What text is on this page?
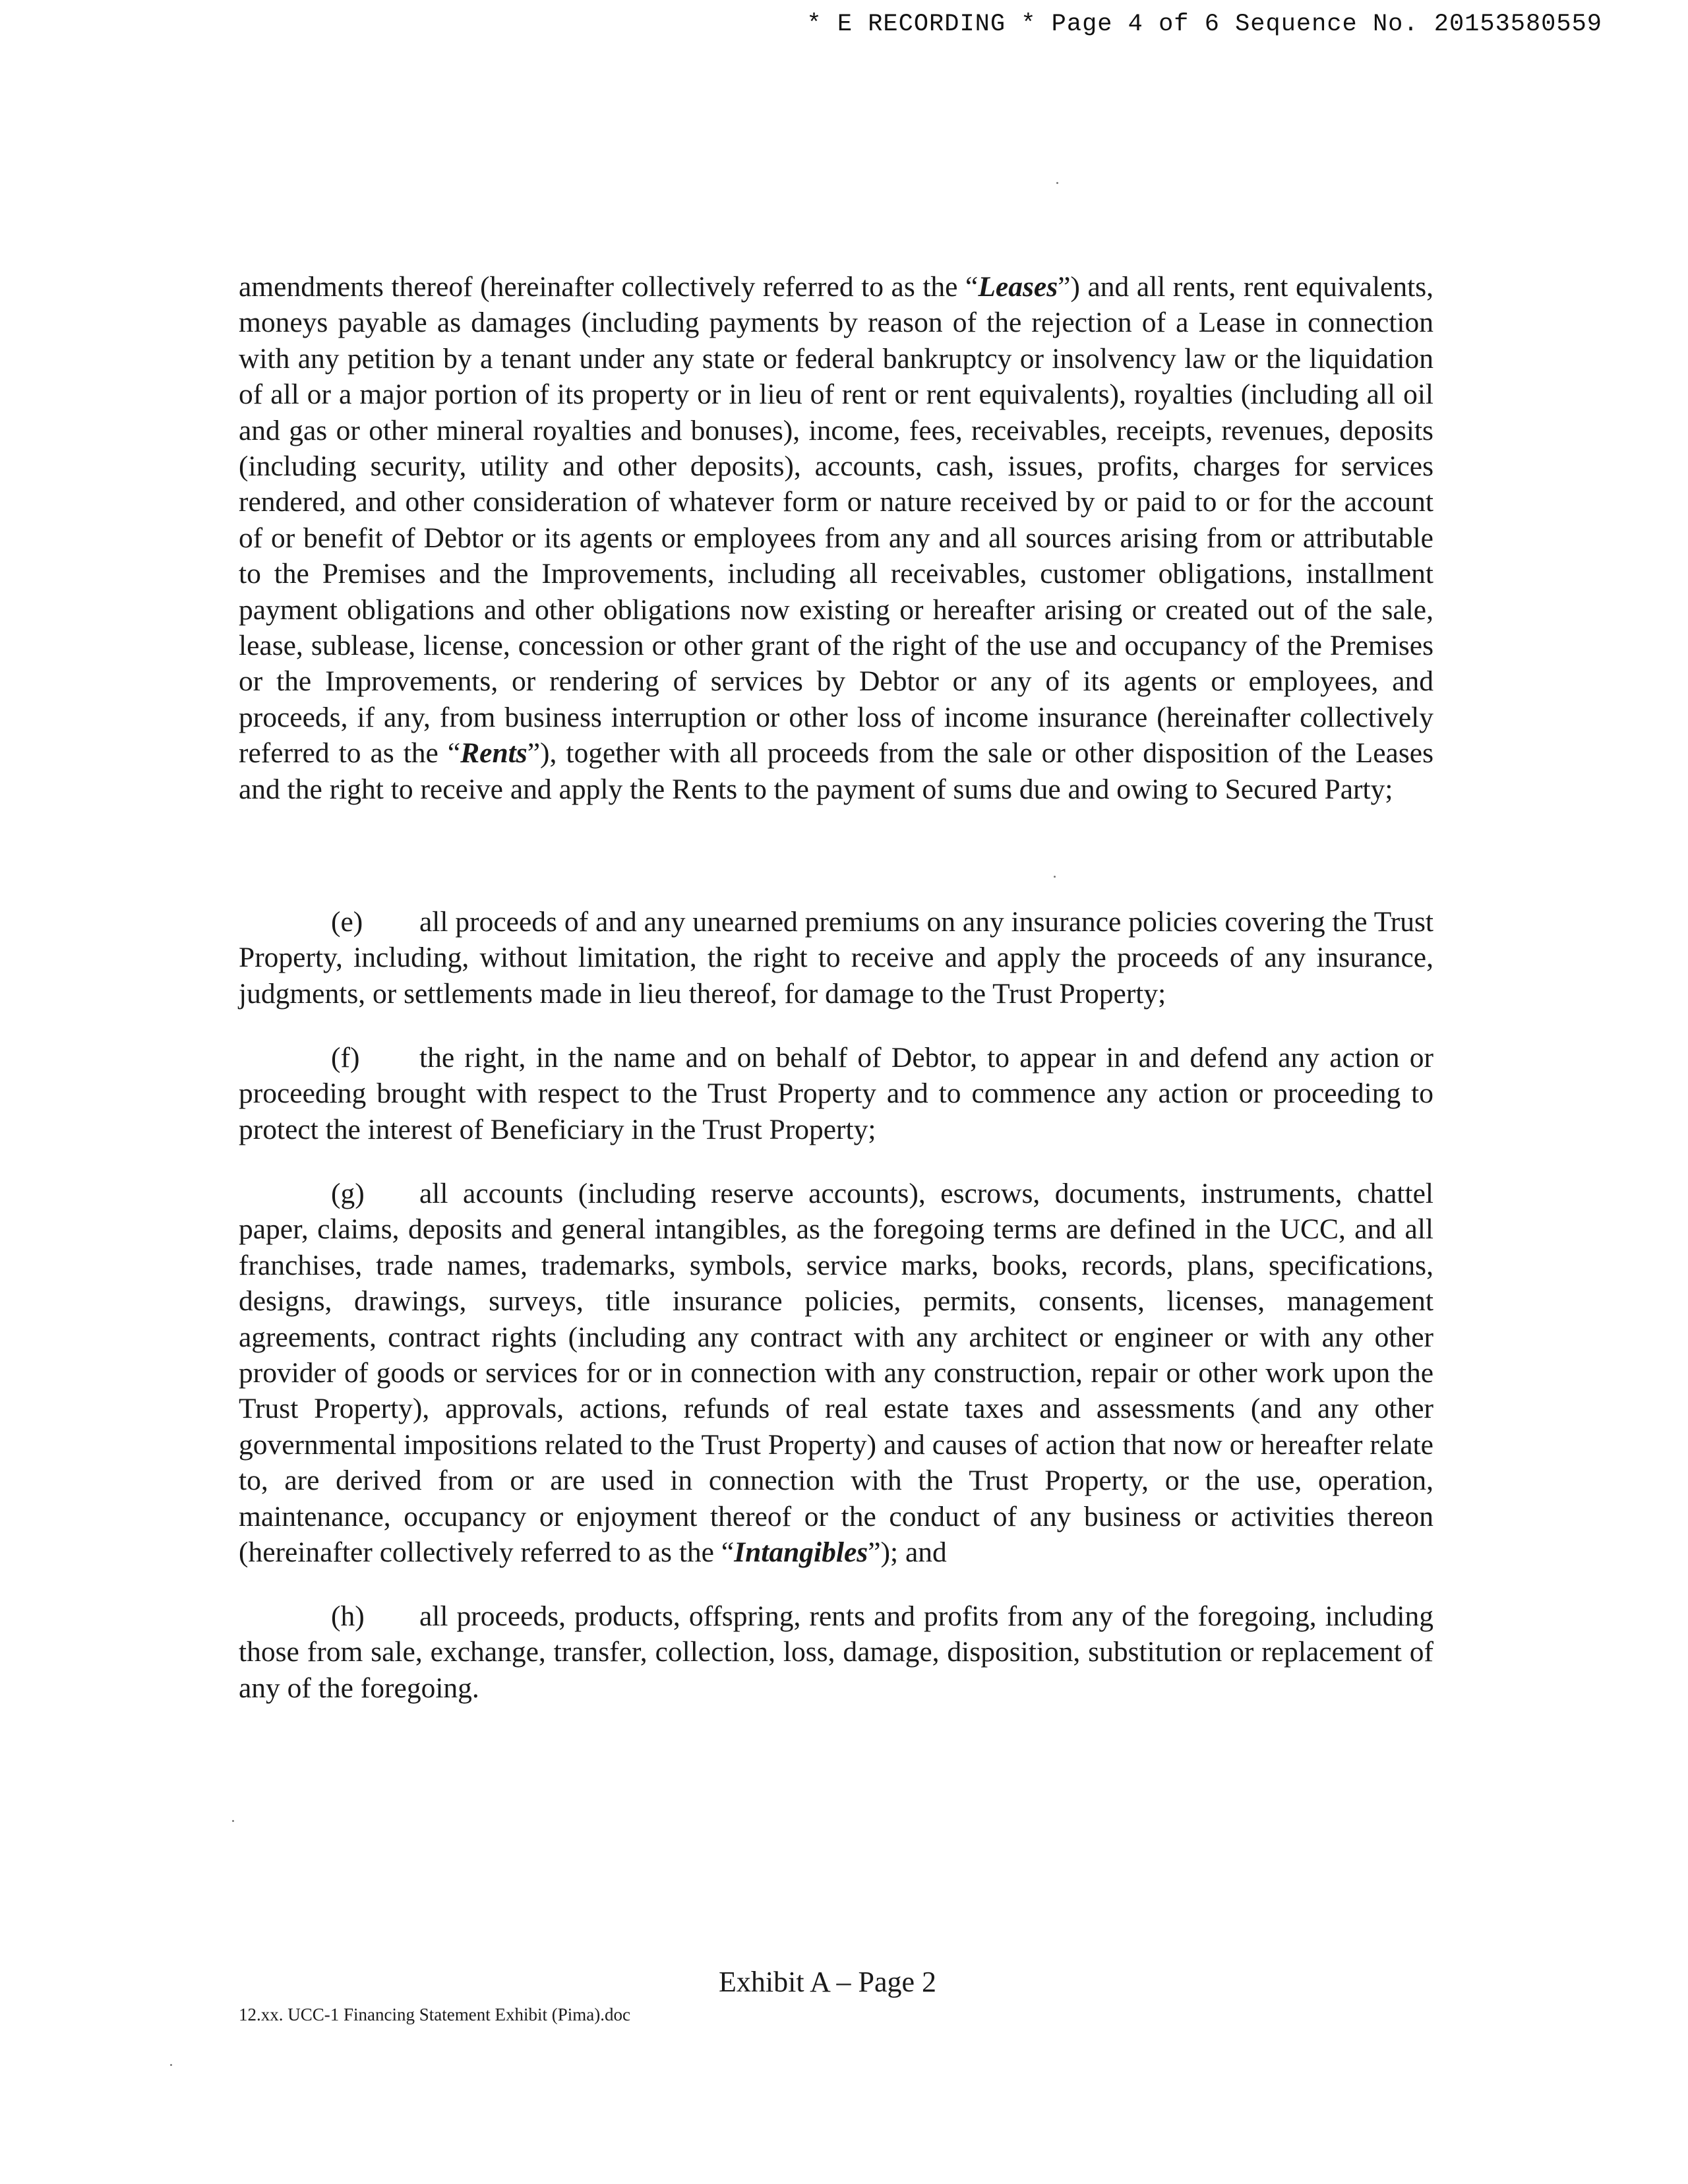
* E RECORDING * Page 4 of 6 Sequence No. 20153580559

amendments thereof (hereinafter collectively referred to as the “Leases”) and all rents, rent equivalents, moneys payable as damages (including payments by reason of the rejection of a Lease in connection with any petition by a tenant under any state or federal bankruptcy or insolvency law or the liquidation of all or a major portion of its property or in lieu of rent or rent equivalents), royalties (including all oil and gas or other mineral royalties and bonuses), income, fees, receivables, receipts, revenues, deposits (including security, utility and other deposits), accounts, cash, issues, profits, charges for services rendered, and other consideration of whatever form or nature received by or paid to or for the account of or benefit of Debtor or its agents or employees from any and all sources arising from or attributable to the Premises and the Improvements, including all receivables, customer obligations, installment payment obligations and other obligations now existing or hereafter arising or created out of the sale, lease, sublease, license, concession or other grant of the right of the use and occupancy of the Premises or the Improvements, or rendering of services by Debtor or any of its agents or employees, and proceeds, if any, from business interruption or other loss of income insurance (hereinafter collectively referred to as the “Rents”), together with all proceeds from the sale or other disposition of the Leases and the right to receive and apply the Rents to the payment of sums due and owing to Secured Party;

(e) all proceeds of and any unearned premiums on any insurance policies covering the Trust Property, including, without limitation, the right to receive and apply the proceeds of any insurance, judgments, or settlements made in lieu thereof, for damage to the Trust Property;

(f) the right, in the name and on behalf of Debtor, to appear in and defend any action or proceeding brought with respect to the Trust Property and to commence any action or proceeding to protect the interest of Beneficiary in the Trust Property;

(g) all accounts (including reserve accounts), escrows, documents, instruments, chattel paper, claims, deposits and general intangibles, as the foregoing terms are defined in the UCC, and all franchises, trade names, trademarks, symbols, service marks, books, records, plans, specifications, designs, drawings, surveys, title insurance policies, permits, consents, licenses, management agreements, contract rights (including any contract with any architect or engineer or with any other provider of goods or services for or in connection with any construction, repair or other work upon the Trust Property), approvals, actions, refunds of real estate taxes and assessments (and any other governmental impositions related to the Trust Property) and causes of action that now or hereafter relate to, are derived from or are used in connection with the Trust Property, or the use, operation, maintenance, occupancy or enjoyment thereof or the conduct of any business or activities thereon (hereinafter collectively referred to as the “Intangibles”); and

(h) all proceeds, products, offspring, rents and profits from any of the foregoing, including those from sale, exchange, transfer, collection, loss, damage, disposition, substitution or replacement of any of the foregoing.

Exhibit A – Page 2
12.xx. UCC-1 Financing Statement Exhibit (Pima).doc
